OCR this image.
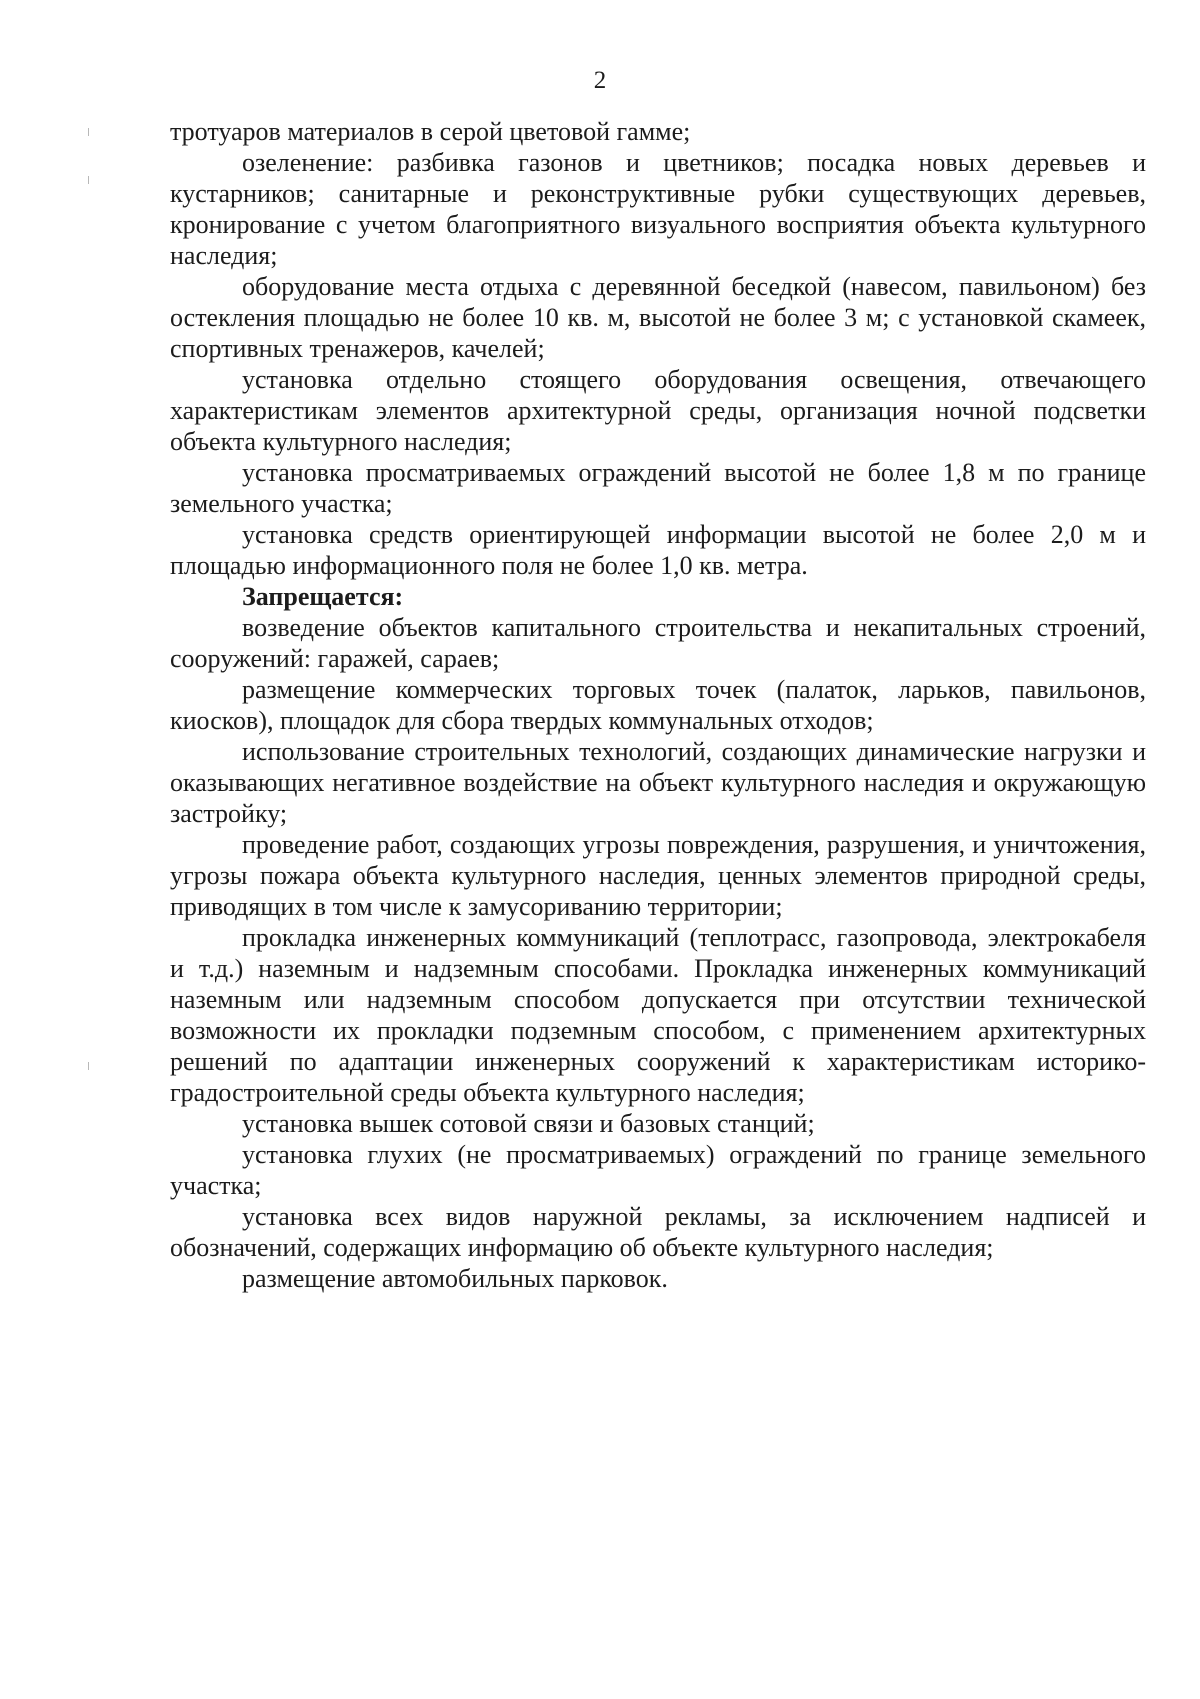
2

тротуаров материалов в серой цветовой гамме;

озеленение: разбивка газонов и цветников; посадка новых деревьев и кустарников; санитарные и реконструктивные рубки существующих деревьев, кронирование с учетом благоприятного визуального восприятия объекта культурного наследия;

оборудование места отдыха с деревянной беседкой (навесом, павильоном) без остекления площадью не более 10 кв. м, высотой не более 3 м; с установкой скамеек, спортивных тренажеров, качелей;

установка отдельно стоящего оборудования освещения, отвечающего характеристикам элементов архитектурной среды, организация ночной подсветки объекта культурного наследия;

установка просматриваемых ограждений высотой не более 1,8 м по границе земельного участка;

установка средств ориентирующей информации высотой не более 2,0 м и площадью информационного поля не более 1,0 кв. метра.

Запрещается:

возведение объектов капитального строительства и некапитальных строений, сооружений: гаражей, сараев;

размещение коммерческих торговых точек (палаток, ларьков, павильонов, киосков), площадок для сбора твердых коммунальных отходов;

использование строительных технологий, создающих динамические нагрузки и оказывающих негативное воздействие на объект культурного наследия и окружающую застройку;

проведение работ, создающих угрозы повреждения, разрушения, и уничтожения, угрозы пожара объекта культурного наследия, ценных элементов природной среды, приводящих в том числе к замусориванию территории;

прокладка инженерных коммуникаций (теплотрасс, газопровода, электрокабеля и т.д.) наземным и надземным способами. Прокладка инженерных коммуникаций наземным или надземным способом допускается при отсутствии технической возможности их прокладки подземным способом, с применением архитектурных решений по адаптации инженерных сооружений к характеристикам историко-градостроительной среды объекта культурного наследия;

установка вышек сотовой связи и базовых станций;

установка глухих (не просматриваемых) ограждений по границе земельного участка;

установка всех видов наружной рекламы, за исключением надписей и обозначений, содержащих информацию об объекте культурного наследия;

размещение автомобильных парковок.
